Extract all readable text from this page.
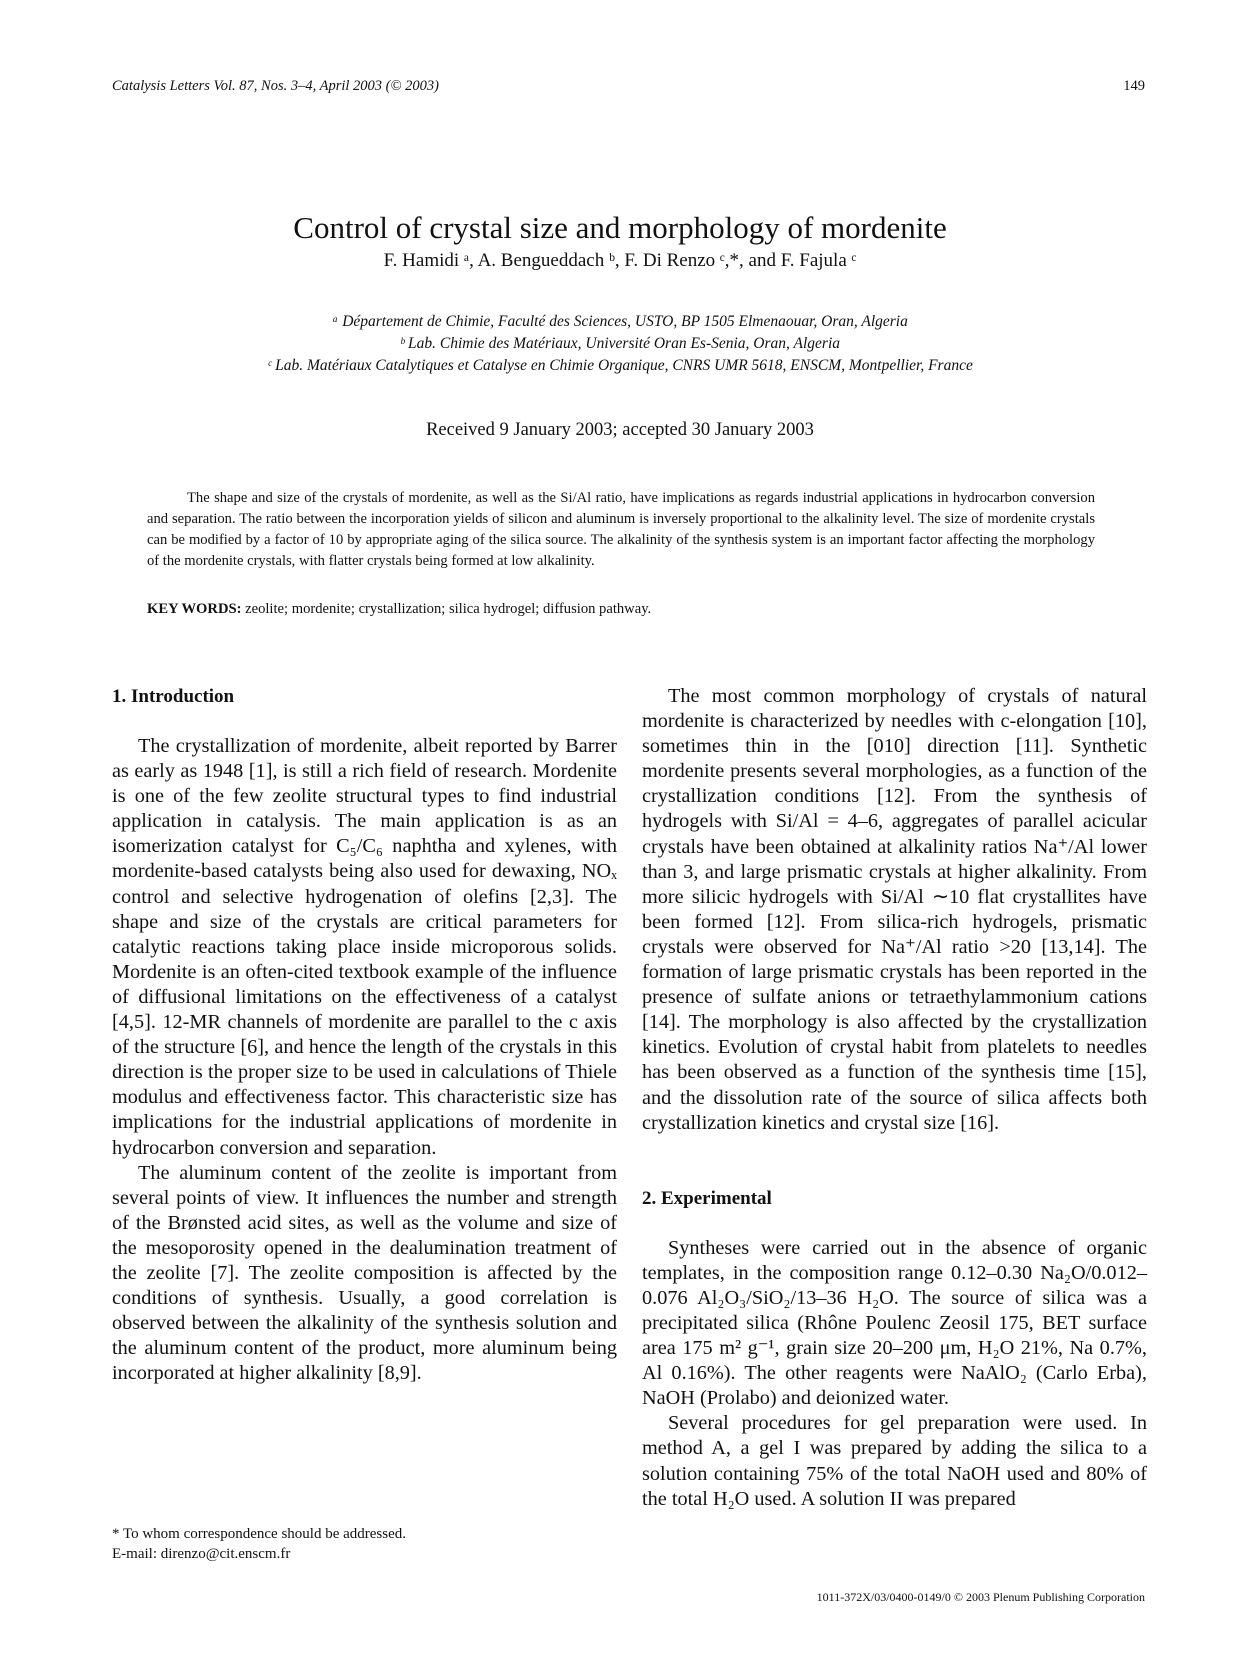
Catalysis Letters Vol. 87, Nos. 3–4, April 2003 (© 2003)	149
Control of crystal size and morphology of mordenite
F. Hamidi ᵃ, A. Bengueddach ᵇ, F. Di Renzo ᶜ,*, and F. Fajula ᶜ
ᵃ Département de Chimie, Faculté des Sciences, USTO, BP 1505 Elmenaouar, Oran, Algeria
ᵇ Lab. Chimie des Matériaux, Université Oran Es-Senia, Oran, Algeria
ᶜ Lab. Matériaux Catalytiques et Catalyse en Chimie Organique, CNRS UMR 5618, ENSCM, Montpellier, France
Received 9 January 2003; accepted 30 January 2003
The shape and size of the crystals of mordenite, as well as the Si/Al ratio, have implications as regards industrial applications in hydrocarbon conversion and separation. The ratio between the incorporation yields of silicon and aluminum is inversely proportional to the alkalinity level. The size of mordenite crystals can be modified by a factor of 10 by appropriate aging of the silica source. The alkalinity of the synthesis system is an important factor affecting the morphology of the mordenite crystals, with flatter crystals being formed at low alkalinity.
KEY WORDS: zeolite; mordenite; crystallization; silica hydrogel; diffusion pathway.
1. Introduction

The crystallization of mordenite, albeit reported by Barrer as early as 1948 [1], is still a rich field of research. Mordenite is one of the few zeolite structural types to find industrial application in catalysis. The main application is as an isomerization catalyst for C₅/C₆ naphtha and xylenes, with mordenite-based catalysts being also used for dewaxing, NOₓ control and selective hydrogenation of olefins [2,3]. The shape and size of the crystals are critical parameters for catalytic reactions taking place inside microporous solids. Mordenite is an often-cited textbook example of the influence of diffusional limitations on the effectiveness of a catalyst [4,5]. 12-MR channels of mordenite are parallel to the c axis of the structure [6], and hence the length of the crystals in this direction is the proper size to be used in calculations of Thiele modulus and effectiveness factor. This characteristic size has implications for the industrial applications of mordenite in hydrocarbon conversion and separation.

The aluminum content of the zeolite is important from several points of view. It influences the number and strength of the Brønsted acid sites, as well as the volume and size of the mesoporosity opened in the dealumination treatment of the zeolite [7]. The zeolite composition is affected by the conditions of synthesis. Usually, a good correlation is observed between the alkalinity of the synthesis solution and the aluminum content of the product, more aluminum being incorporated at higher alkalinity [8,9].

The most common morphology of crystals of natural mordenite is characterized by needles with c-elongation [10], sometimes thin in the [010] direction [11]. Synthetic mordenite presents several morphologies, as a function of the crystallization conditions [12]. From the synthesis of hydrogels with Si/Al = 4–6, aggregates of parallel acicular crystals have been obtained at alkalinity ratios Na⁺/Al lower than 3, and large prismatic crystals at higher alkalinity. From more silicic hydrogels with Si/Al ∼10 flat crystallites have been formed [12]. From silica-rich hydrogels, prismatic crystals were observed for Na⁺/Al ratio >20 [13,14]. The formation of large prismatic crystals has been reported in the presence of sulfate anions or tetraethylammonium cations [14]. The morphology is also affected by the crystallization kinetics. Evolution of crystal habit from platelets to needles has been observed as a function of the synthesis time [15], and the dissolution rate of the source of silica affects both crystallization kinetics and crystal size [16].

2. Experimental

Syntheses were carried out in the absence of organic templates, in the composition range 0.12–0.30 Na₂O/0.012–0.076 Al₂O₃/SiO₂/13–36 H₂O. The source of silica was a precipitated silica (Rhône Poulenc Zeosil 175, BET surface area 175 m² g⁻¹, grain size 20–200 μm, H₂O 21%, Na 0.7%, Al 0.16%). The other reagents were NaAlO₂ (Carlo Erba), NaOH (Prolabo) and deionized water.

Several procedures for gel preparation were used. In method A, a gel I was prepared by adding the silica to a solution containing 75% of the total NaOH used and 80% of the total H₂O used. A solution II was prepared

* To whom correspondence should be addressed.
E-mail: direnzo@cit.enscm.fr
1011-372X/03/0400-0149/0 © 2003 Plenum Publishing Corporation
